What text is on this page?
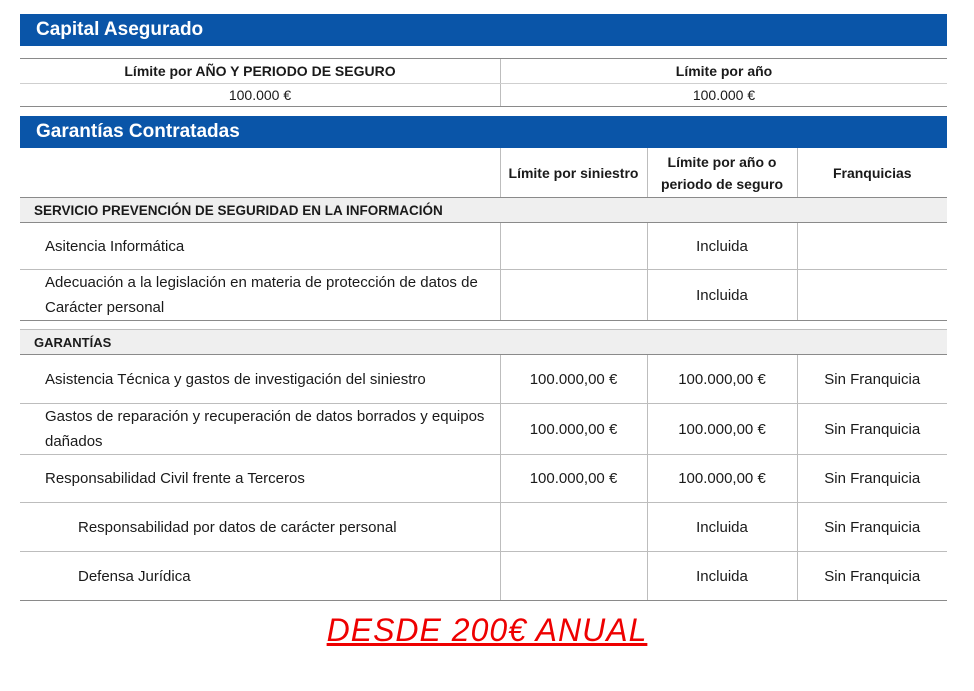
Capital Asegurado
Límite por AÑO Y PERIODO DE SEGURO	Límite por año
100.000 €	100.000 €
Garantías Contratadas
	Límite por siniestro	Límite por año o periodo de seguro	Franquicias
SERVICIO PREVENCIÓN DE SEGURIDAD EN LA INFORMACIÓN			
Asitencia Informática		Incluida	
Adecuación a la legislación en materia de protección de datos de Carácter personal		Incluida	

GARANTÍAS			
Asistencia Técnica y gastos de investigación del siniestro	100.000,00 €	100.000,00 €	Sin Franquicia
Gastos de reparación y recuperación de datos borrados y equipos dañados	100.000,00 €	100.000,00 €	Sin Franquicia
Responsabilidad Civil frente a Terceros	100.000,00 €	100.000,00 €	Sin Franquicia
Responsabilidad por datos de carácter personal		Incluida	Sin Franquicia
Defensa Jurídica		Incluida	Sin Franquicia
DESDE 200€ ANUAL
